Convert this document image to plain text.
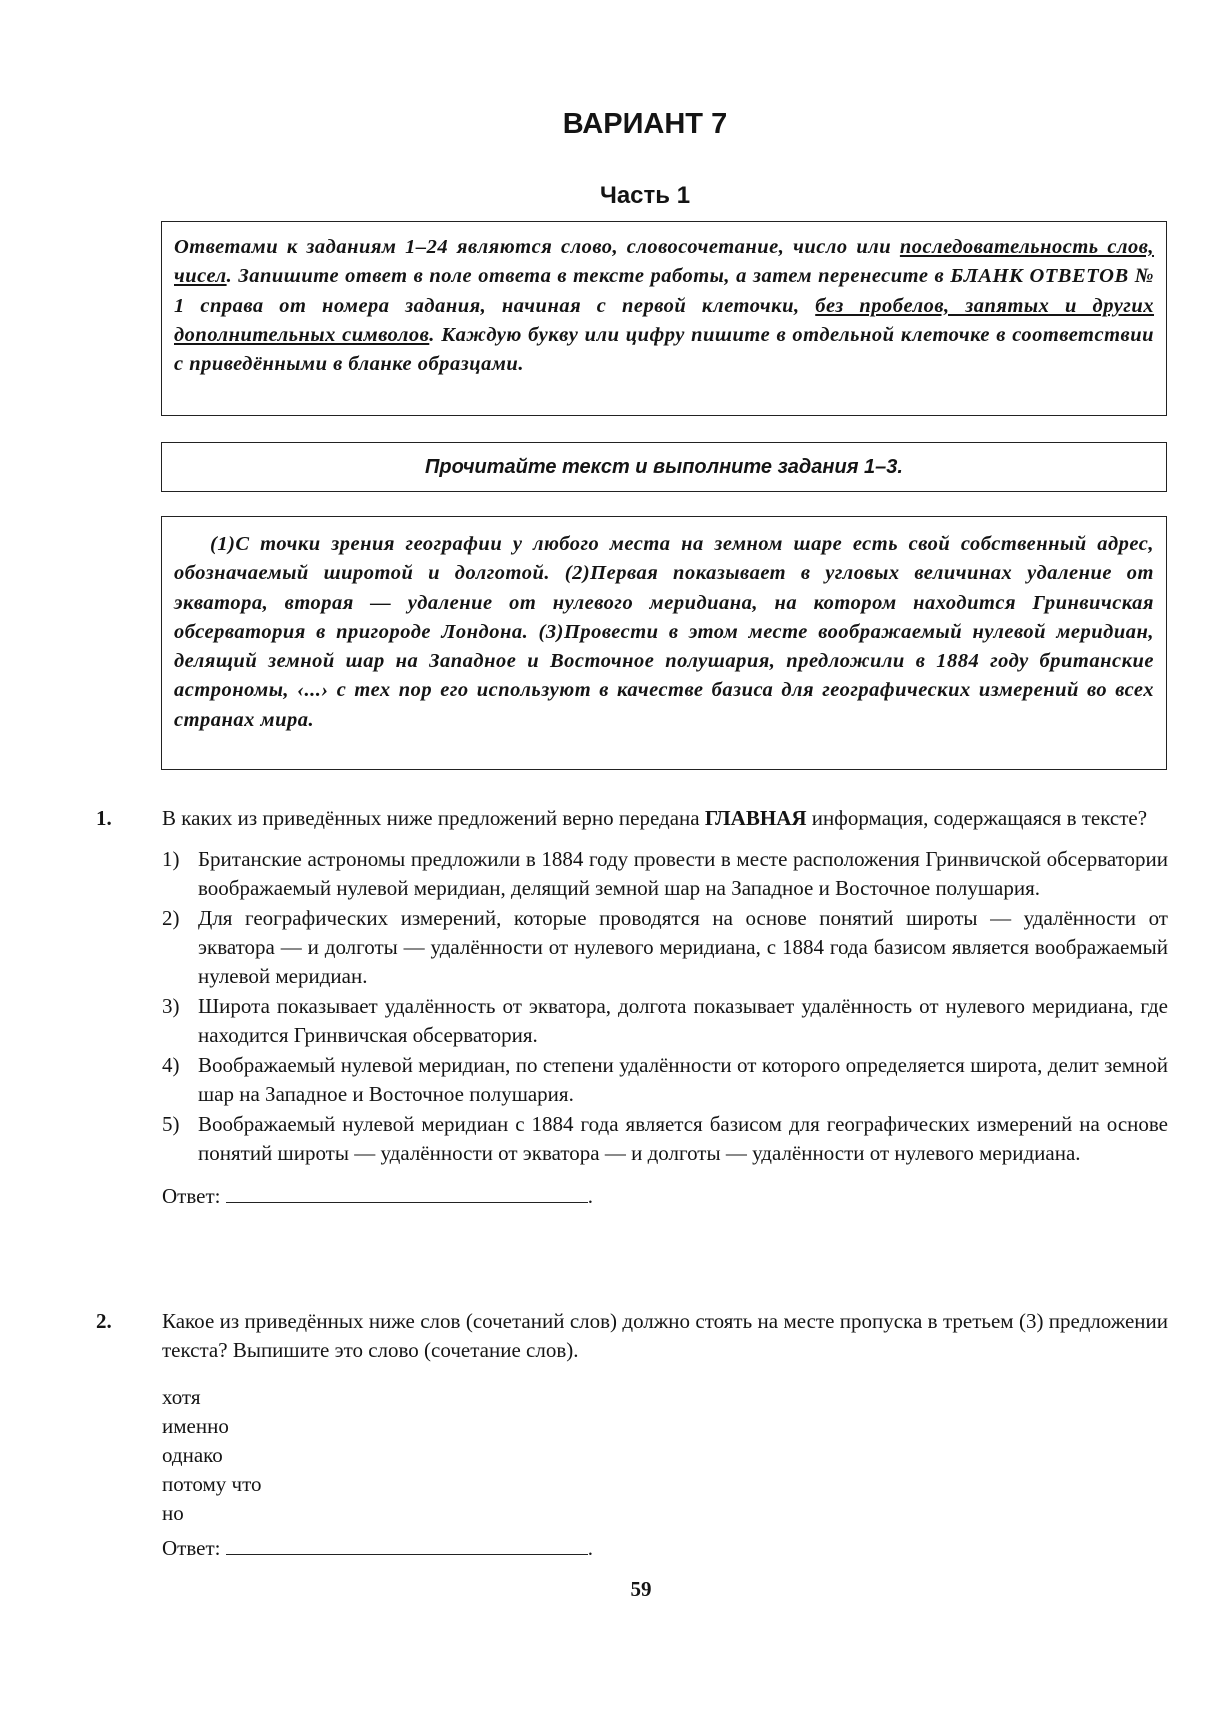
ВАРИАНТ 7
Часть 1
Ответами к заданиям 1–24 являются слово, словосочетание, число или последовательность слов, чисел. Запишите ответ в поле ответа в тексте работы, а затем перенесите в БЛАНК ОТВЕТОВ № 1 справа от номера задания, начиная с первой клеточки, без пробелов, запятых и других дополнительных символов. Каждую букву или цифру пишите в отдельной клеточке в соответствии с приведёнными в бланке образцами.
Прочитайте текст и выполните задания 1–3.

(1)С точки зрения географии у любого места на земном шаре есть свой собственный адрес, обозначаемый широтой и долготой. (2)Первая показывает в угловых величинах удаление от экватора, вторая — удаление от нулевого меридиана, на котором находится Гринвичская обсерватория в пригороде Лондона. (3)Провести в этом месте воображаемый нулевой меридиан, делящий земной шар на Западное и Восточное полушария, предложили в 1884 году британские астрономы, ‹...› с тех пор его используют в качестве базиса для географических измерений во всех странах мира.

1. В каких из приведённых ниже предложений верно передана ГЛАВНАЯ информация, содержащаяся в тексте?
1) Британские астрономы предложили в 1884 году провести в месте расположения Гринвичской обсерватории воображаемый нулевой меридиан, делящий земной шар на Западное и Восточное полушария.
2) Для географических измерений, которые проводятся на основе понятий широты — удалённости от экватора — и долготы — удалённости от нулевого меридиана, с 1884 года базисом является воображаемый нулевой меридиан.
3) Широта показывает удалённость от экватора, долгота показывает удалённость от нулевого меридиана, где находится Гринвичская обсерватория.
4) Воображаемый нулевой меридиан, по степени удалённости от которого определяется широта, делит земной шар на Западное и Восточное полушария.
5) Воображаемый нулевой меридиан с 1884 года является базисом для географических измерений на основе понятий широты — удалённости от экватора — и долготы — удалённости от нулевого меридиана.
Ответ:	.
2. Какое из приведённых ниже слов (сочетаний слов) должно стоять на месте пропуска в третьем (3) предложении текста? Выпишите это слово (сочетание слов).
хотя
именно
однако
потому что
но
Ответ:	.
59
